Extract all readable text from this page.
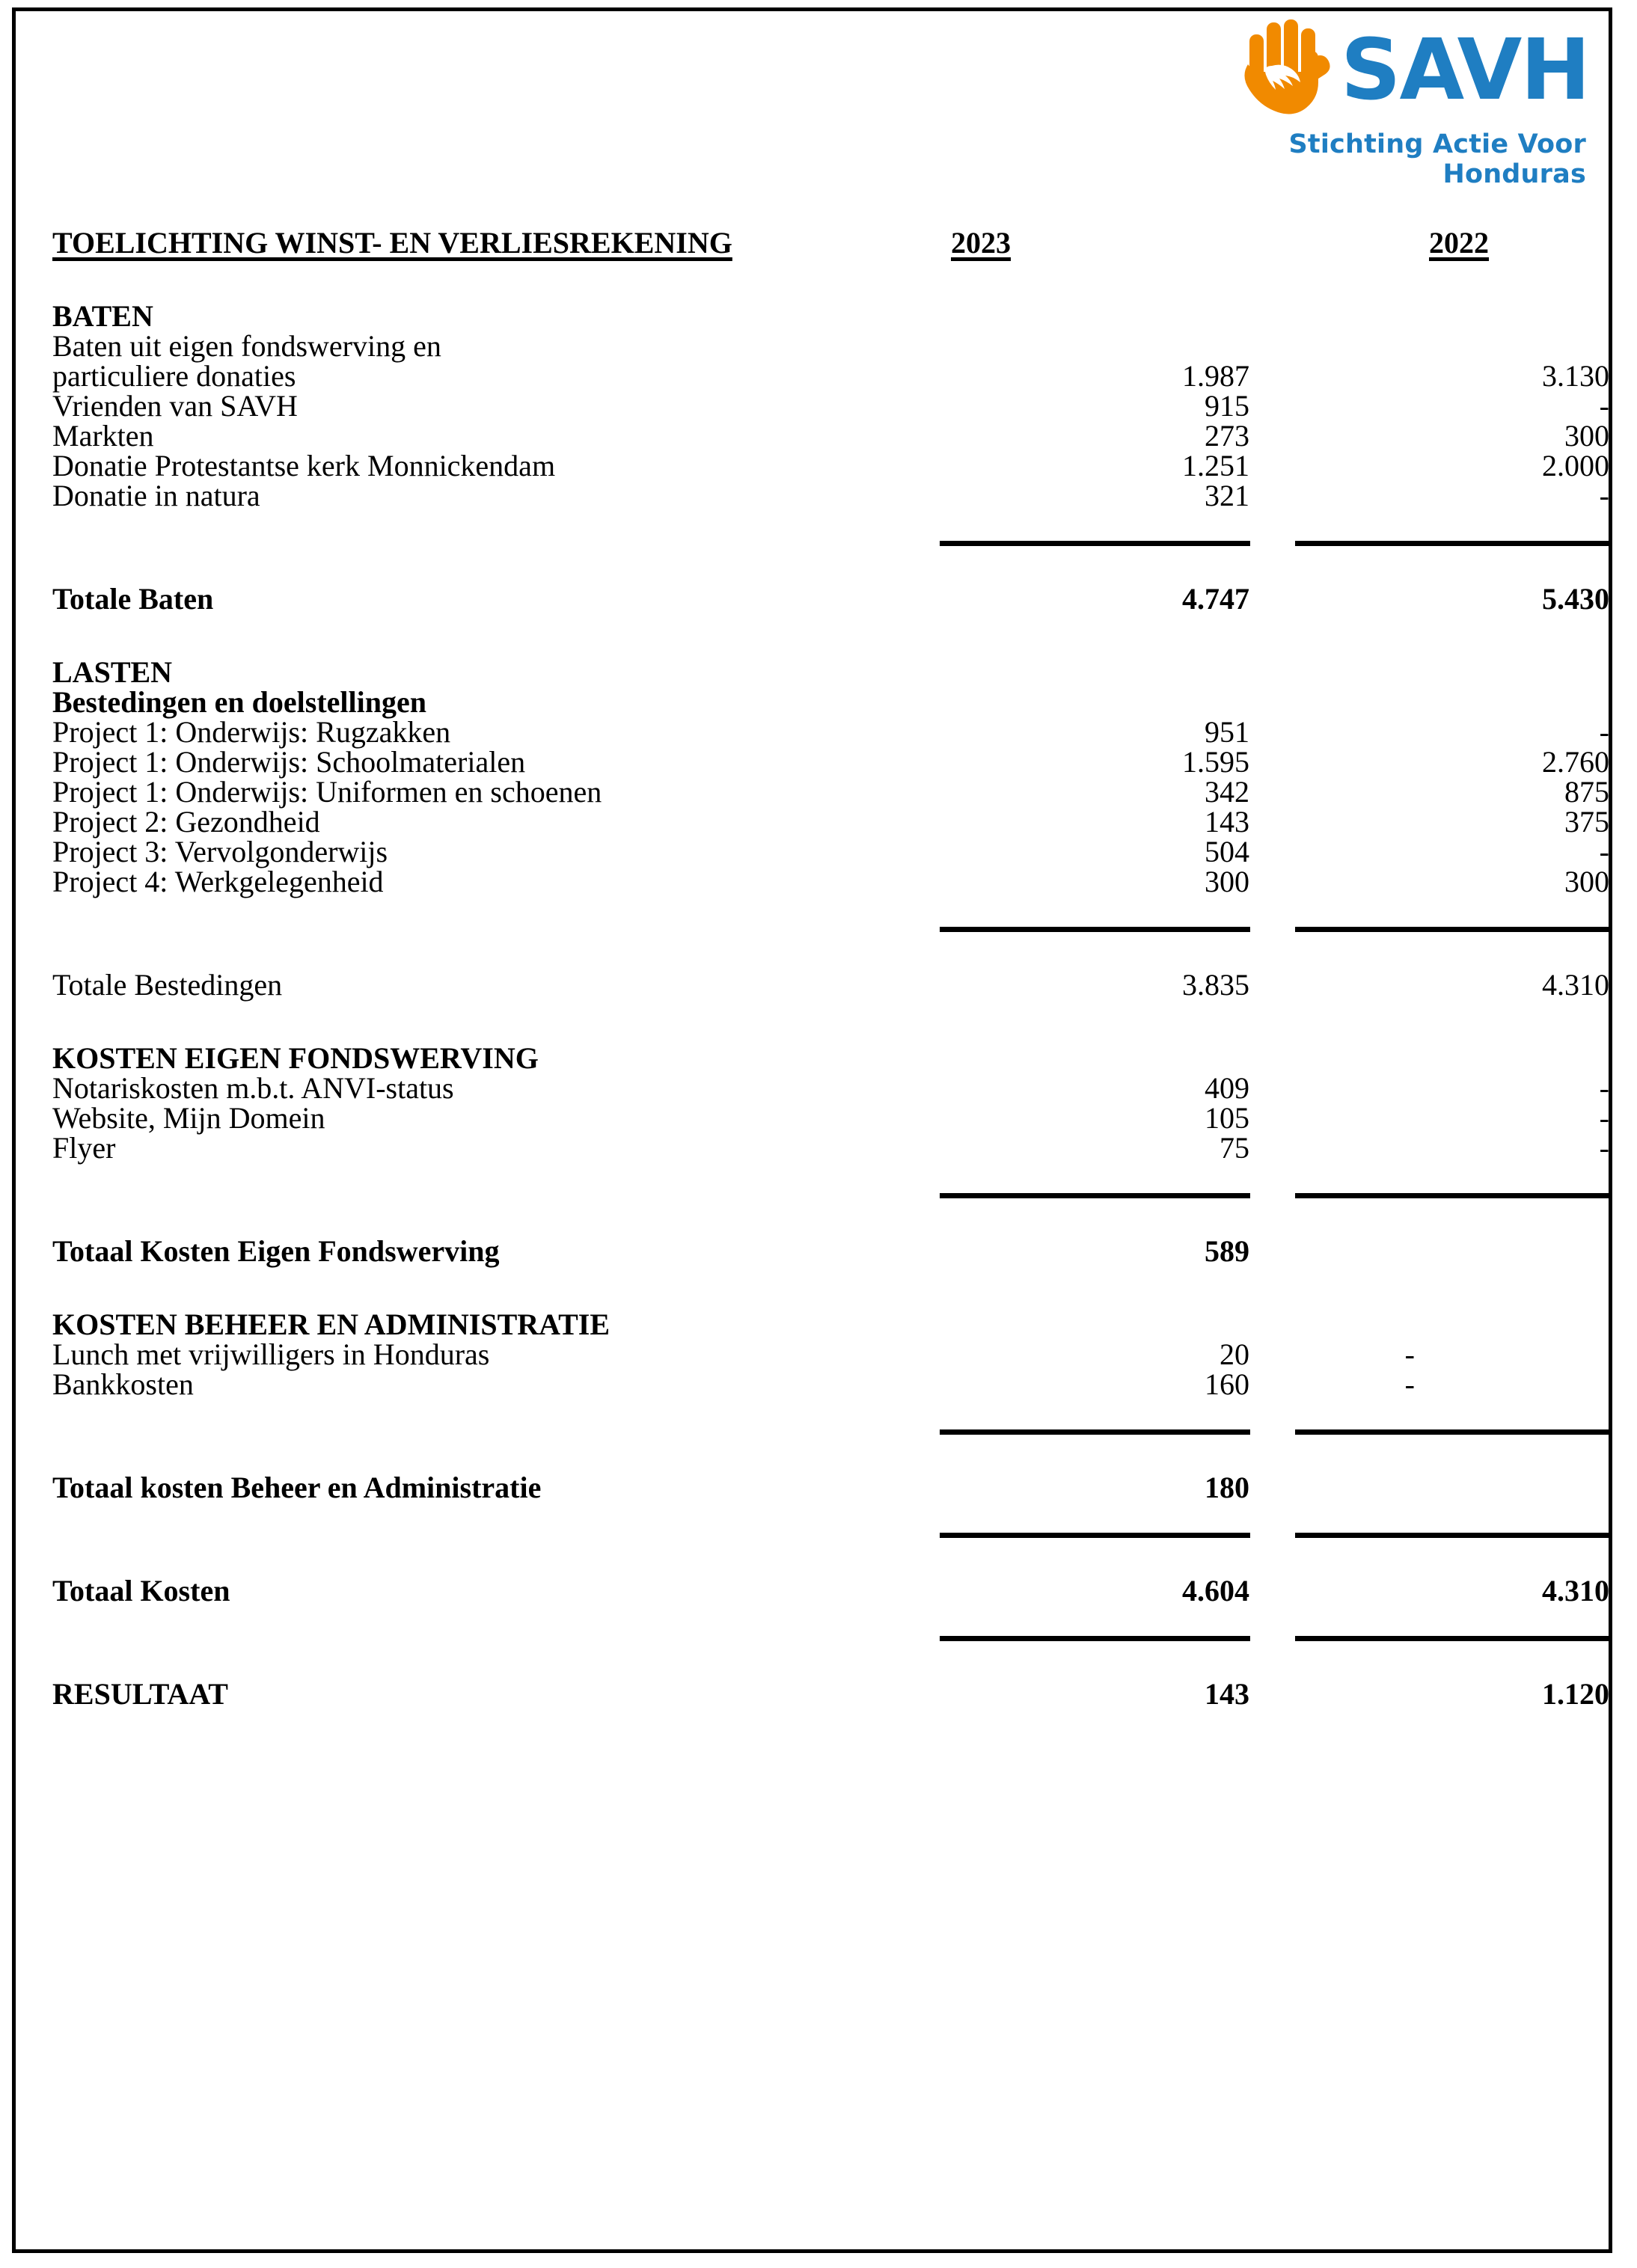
SAVH
Stichting Actie Voor Honduras
TOELICHTING WINST- EN VERLIESREKENING	2023	2022
BATEN
Baten uit eigen fondswerving en
particuliere donaties	1.987	3.130
Vrienden van SAVH	915	-
Markten	273	300
Donatie Protestantse kerk Monnickendam	1.251	2.000
Donatie in natura	321	-
Totale Baten	4.747	5.430
LASTEN
Bestedingen en doelstellingen
Project 1: Onderwijs: Rugzakken	951	-
Project 1: Onderwijs: Schoolmaterialen	1.595	2.760
Project 1: Onderwijs: Uniformen en schoenen	342	875
Project 2: Gezondheid	143	375
Project 3: Vervolgonderwijs	504	-
Project 4: Werkgelegenheid	300	300
Totale Bestedingen	3.835	4.310
KOSTEN EIGEN FONDSWERVING
Notariskosten m.b.t. ANVI-status	409	-
Website, Mijn Domein	105	-
Flyer	75	-
Totaal Kosten Eigen Fondswerving	589
KOSTEN BEHEER EN ADMINISTRATIE
Lunch met vrijwilligers in Honduras	20	-
Bankkosten	160	-
Totaal kosten Beheer en Administratie	180
Totaal Kosten	4.604	4.310
RESULTAAT	143	1.120
